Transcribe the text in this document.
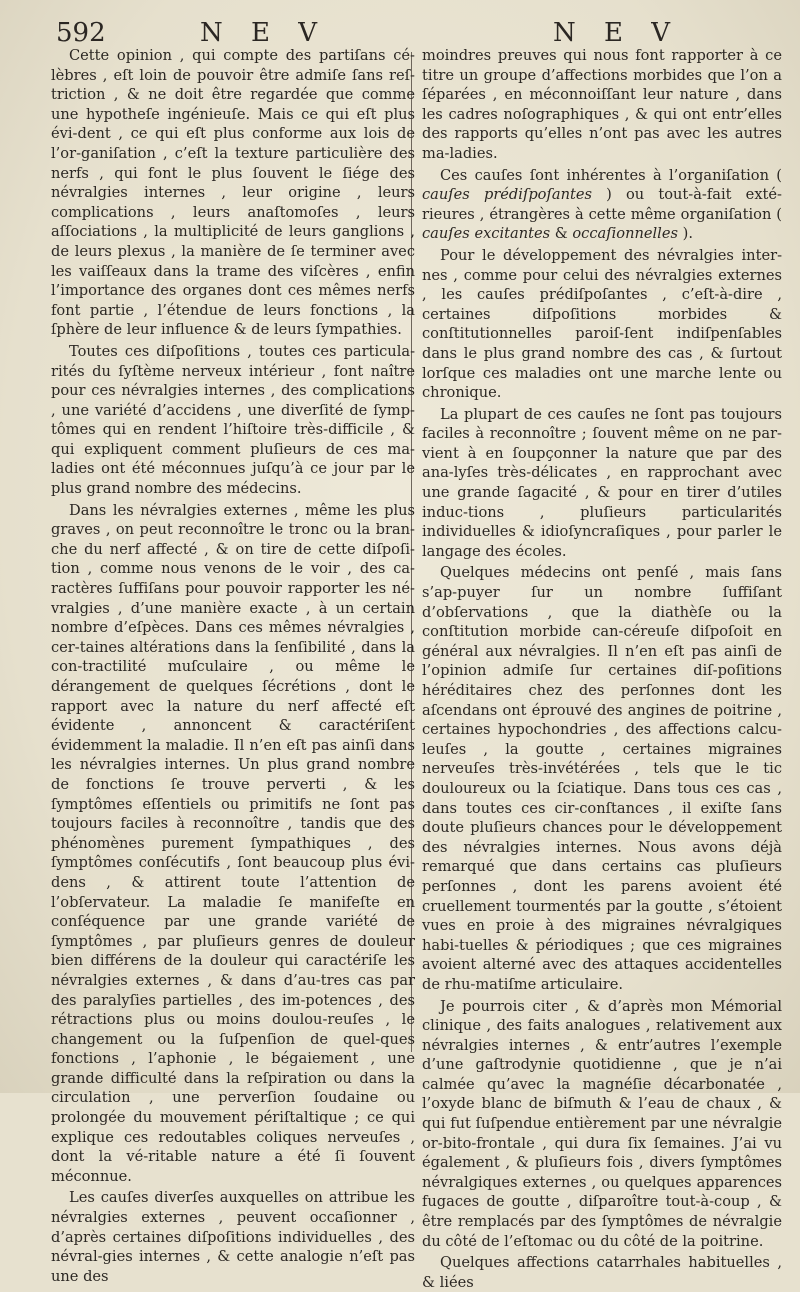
592	N E V	N E V

Cette opinion , qui compte des partiſans cé-lèbres , eſt loin de pouvoir être admiſe ſans reſ-triction , & ne doit être regardée que comme une hypotheſe ingénieuſe. Mais ce qui eſt plus évi-dent , ce qui eſt plus conforme aux lois de l’or-ganiſation , c’eſt la texture particulière des nerfs , qui font le plus ſouvent le ſiége des névralgies internes , leur origine , leurs complications , leurs anaſtomoſes , leurs aſſociations , la multiplicité de leurs ganglions , de leurs plexus , la manière de ſe terminer avec les vaiſſeaux dans la trame des viſcères , enfin l’importance des organes dont ces mêmes nerfs font partie , l’étendue de leurs fonctions , la ſphère de leur influence & de leurs ſympathies.

Toutes ces diſpoſitions , toutes ces particula-rités du ſyſtème nerveux intérieur , font naître pour ces névralgies internes , des complications , une variété d’accidens , une diverſité de ſymp-tômes qui en rendent l’hiſtoire très-difficile , & qui expliquent comment pluſieurs de ces ma-ladies ont été méconnues juſqu’à ce jour par le plus grand nombre des médecins.

Dans les névralgies externes , même les plus graves , on peut reconnoître le tronc ou la bran-che du nerf affecté , & on tire de cette diſpoſi-tion , comme nous venons de le voir , des ca-ractères ſuffiſans pour pouvoir rapporter les né-vralgies , d’une manière exacte , à un certain nombre d’eſpèces. Dans ces mêmes névralgies , cer-taines altérations dans la ſenſibilité , dans la con-tractilité muſculaire , ou même le dérangement de quelques ſécrétions , dont le rapport avec la nature du nerf affecté eſt évidente , annoncent & caractériſent évidemment la maladie. Il n’en eſt pas ainſi dans les névralgies internes. Un plus grand nombre de fonctions ſe trouve perverti , & les ſymptômes eſſentiels ou primitifs ne ſont pas toujours faciles à reconnoître , tandis que des phénomènes purement ſympathiques , des ſymptômes conſécutifs , ſont beaucoup plus évi-dens , & attirent toute l’attention de l’obſervateur. La maladie ſe manifeſte en conſéquence par une grande variété de ſymptômes , par pluſieurs genres de douleur bien différens de la douleur qui caractériſe les névralgies externes , & dans d’au-tres cas par des paralyſies partielles , des im-potences , des rétractions plus ou moins doulou-reuſes , le changement ou la ſuſpenſion de quel-ques fonctions , l’aphonie , le bégaiement , une grande difficulté dans la reſpiration ou dans la circulation , une perverſion ſoudaine ou prolongée du mouvement périſtaltique ; ce qui explique ces redoutables coliques nerveuſes , dont la vé-ritable nature a été ſi ſouvent méconnue.

Les cauſes diverſes auxquelles on attribue les névralgies externes , peuvent occaſionner , d’après certaines diſpoſitions individuelles , des névral-gies internes , & cette analogie n’eſt pas une des

moindres preuves qui nous font rapporter à ce titre un groupe d’affections morbides que l’on a ſéparées , en méconnoiſſant leur nature , dans les cadres noſographiques , & qui ont entr’elles des rapports qu’elles n’ont pas avec les autres ma-ladies.

Ces cauſes ſont inhérentes à l’organiſation ( cauſes prédiſpoſantes ) ou tout-à-fait exté-rieures , étrangères à cette même organiſation ( cauſes excitantes & occaſionnelles ).

Pour le développement des névralgies inter-nes , comme pour celui des névralgies externes , les cauſes prédiſpoſantes , c’eſt-à-dire , certaines diſpoſitions morbides & conſtitutionnelles paroiſ-ſent indiſpenſables dans le plus grand nombre des cas , & ſurtout lorſque ces maladies ont une marche lente ou chronique.

La plupart de ces cauſes ne ſont pas toujours faciles à reconnoître ; ſouvent même on ne par-vient à en ſoupçonner la nature que par des ana-lyſes très-délicates , en rapprochant avec une grande ſagacité , & pour en tirer d’utiles induc-tions , pluſieurs particularités individuelles & idioſyncraſiques , pour parler le langage des écoles.

Quelques médecins ont penſé , mais ſans s’ap-puyer ſur un nombre ſuffiſant d’obſervations , que la diathèſe ou la conſtitution morbide can-céreuſe diſpoſoit en général aux névralgies. Il n’en eſt pas ainſi de l’opinion admiſe ſur certaines diſ-poſitions héréditaires chez des perſonnes dont les aſcendans ont éprouvé des angines de poitrine , certaines hypochondries , des affections calcu-leuſes , la goutte , certaines migraines nerveuſes très-invétérées , tels que le tic douloureux ou la ſciatique. Dans tous ces cas , dans toutes ces cir-conſtances , il exiſte ſans doute pluſieurs chances pour le développement des névralgies internes. Nous avons déjà remarqué que dans certains cas pluſieurs perſonnes , dont les parens avoient été cruellement tourmentés par la goutte , s’étoient vues en proie à des migraines névralgiques habi-tuelles & périodiques ; que ces migraines avoient alterné avec des attaques accidentelles de rhu-matiſme articulaire.

Je pourrois citer , & d’après mon Mémorial clinique , des faits analogues , relativement aux névralgies internes , & entr’autres l’exemple d’une gaſtrodynie quotidienne , que je n’ai calmée qu’avec la magnéſie décarbonatée , l’oxyde blanc de biſmuth & l’eau de chaux , & qui fut ſuſpendue entièrement par une névralgie or-bito-frontale , qui dura ſix ſemaines. J’ai vu également , & pluſieurs fois , divers ſymptômes névralgiques externes , ou quelques apparences fugaces de goutte , diſparoître tout-à-coup , & être remplacés par des ſymptômes de névralgie du côté de l’eſtomac ou du côté de la poitrine.

Quelques affections catarrhales habituelles , & liées
